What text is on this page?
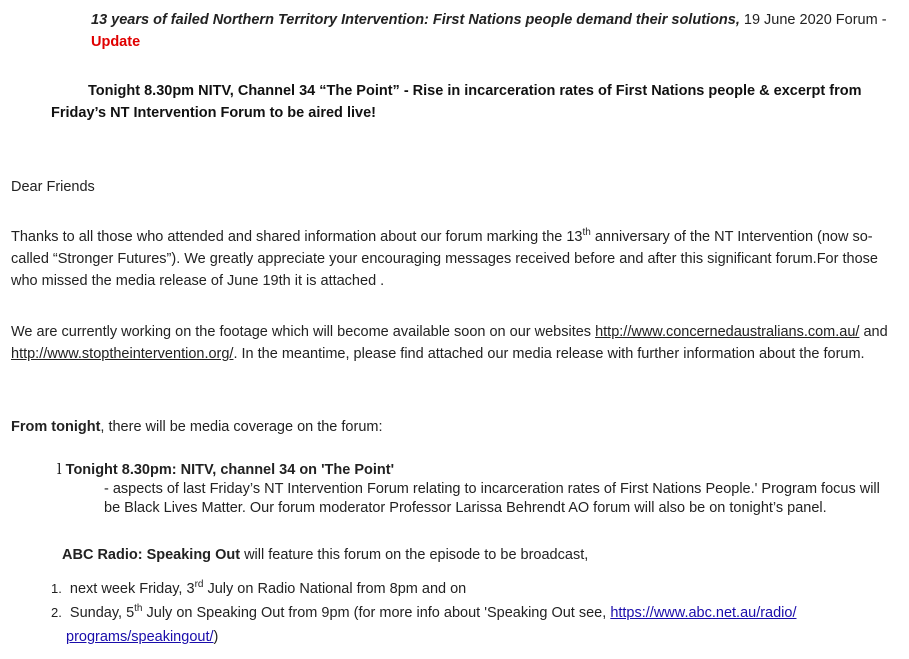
13 years of failed Northern Territory Intervention: First Nations people demand their solutions, 19 June 2020 Forum -
Update
Tonight 8.30pm NITV, Channel 34 “The Point” - Rise in incarceration rates of First Nations people & excerpt from
Friday’s NT Intervention Forum to be aired live!
Dear Friends
Thanks to all those who attended and shared information about our forum marking the 13th anniversary of the NT Intervention (now so-called “Stronger Futures”). We greatly appreciate your encouraging messages received before and after this significant forum.For those who missed the media release of June 19th it is attached .
We are currently working on the footage which will become available soon on our websites http://www.concernedaustralians.com.au/ and http://www.stoptheintervention.org/. In the meantime, please find attached our media release with further information about the forum.
From tonight, there will be media coverage on the forum:
l Tonight 8.30pm: NITV, channel 34 on 'The Point'
- aspects of last Friday’s NT Intervention Forum relating to incarceration rates of First Nations People.' Program focus will be Black Lives Matter. Our forum moderator Professor Larissa Behrendt AO forum will also be on tonight’s panel.
ABC Radio: Speaking Out will feature this forum on the episode to be broadcast,
1. next week Friday, 3rd July on Radio National from 8pm and on
2. Sunday, 5th July on Speaking Out from 9pm (for more info about 'Speaking Out see, https://www.abc.net.au/radio/
programs/speakingout/)
